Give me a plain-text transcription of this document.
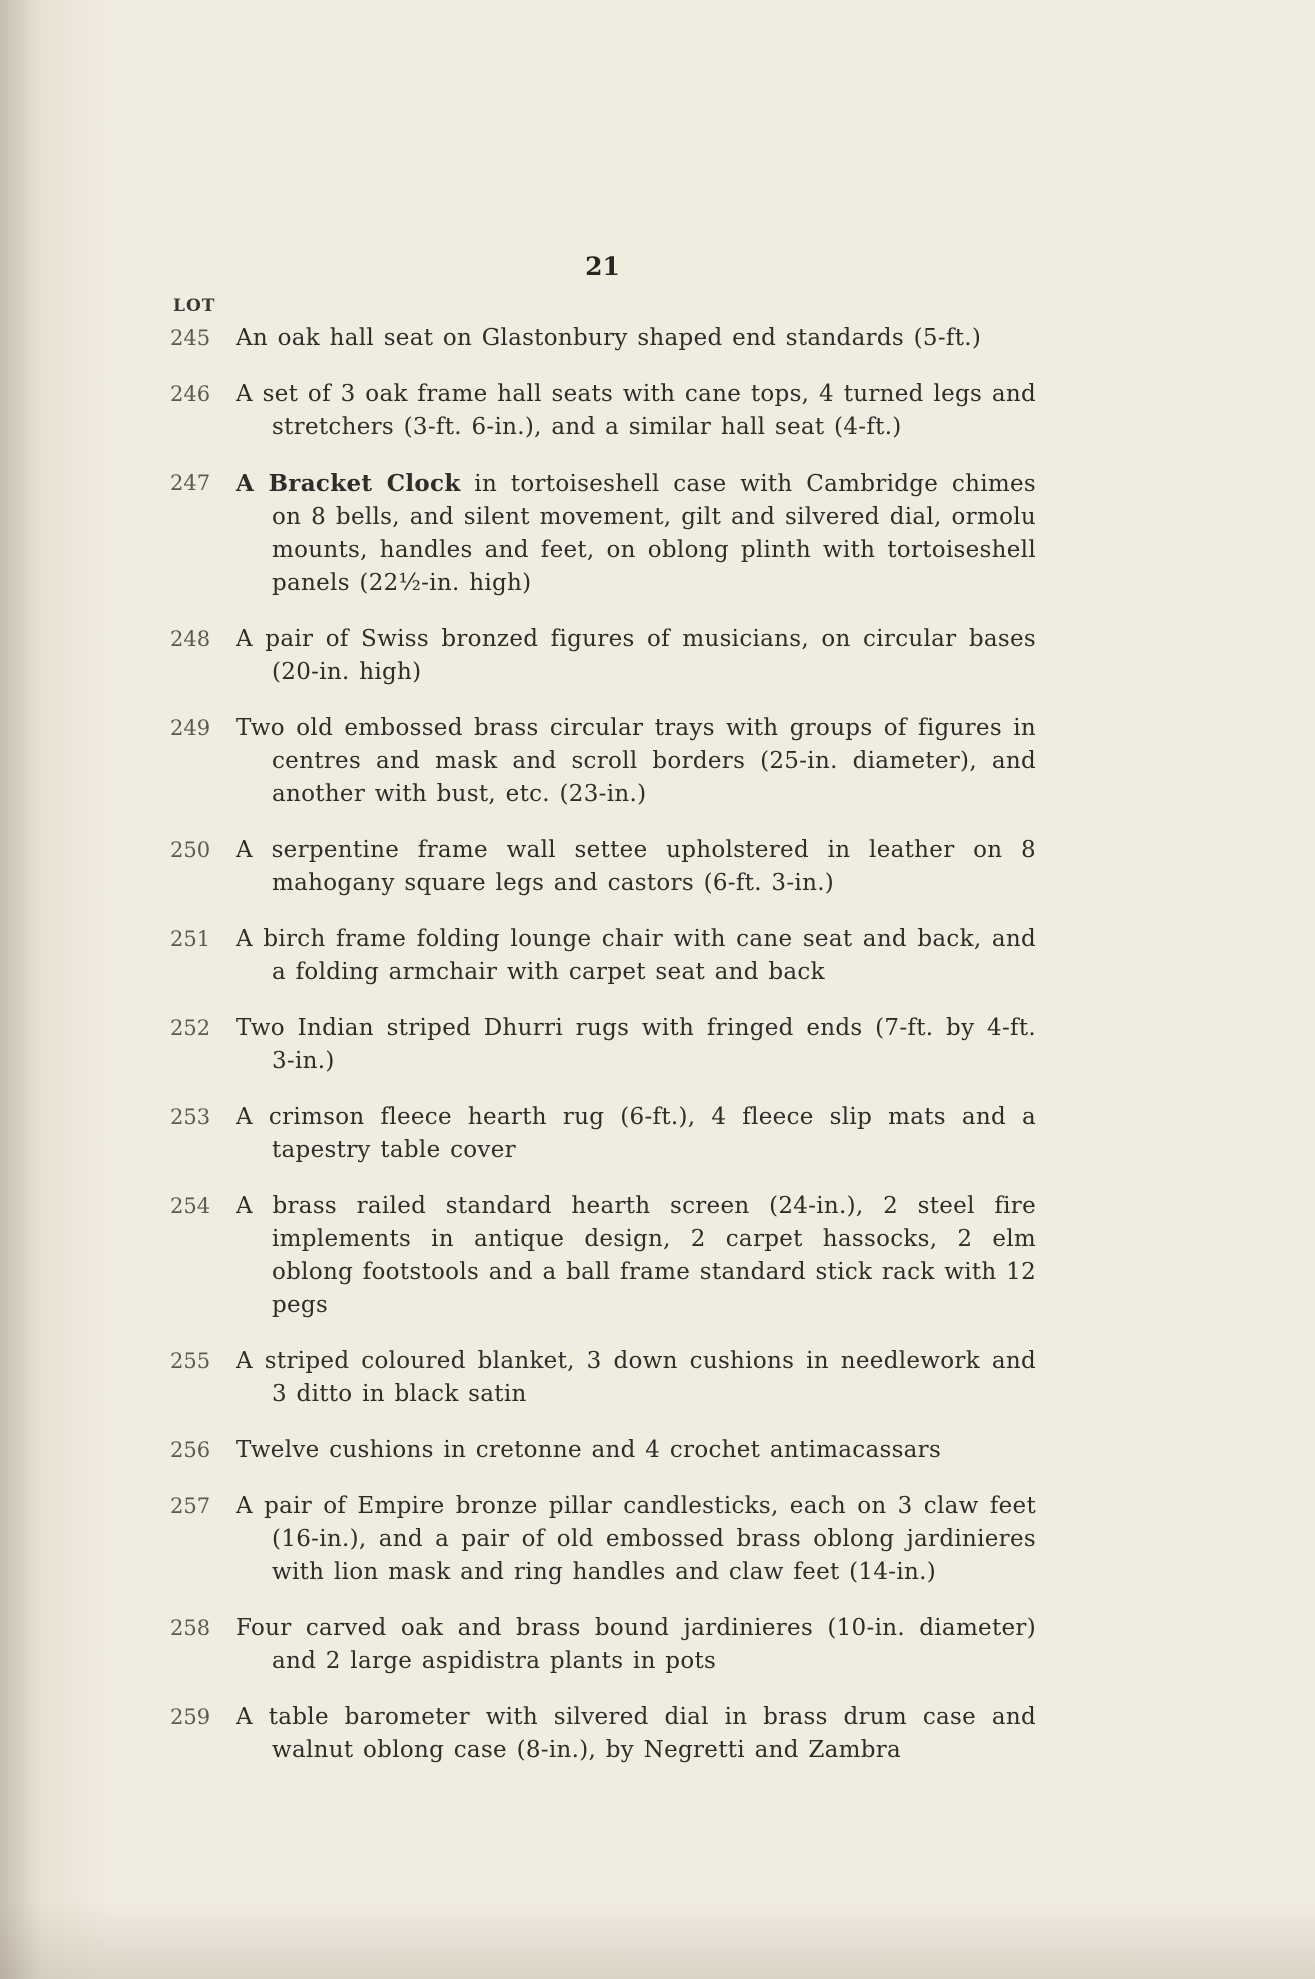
21
LOT
245	An oak hall seat on Glastonbury shaped end standards (5-ft.)
246	A set of 3 oak frame hall seats with cane tops, 4 turned legs and stretchers (3-ft. 6-in.), and a similar hall seat (4-ft.)
247	A Bracket Clock in tortoiseshell case with Cambridge chimes on 8 bells, and silent movement, gilt and silvered dial, ormolu mounts, handles and feet, on oblong plinth with tortoiseshell panels (22½-in. high)
248	A pair of Swiss bronzed figures of musicians, on circular bases (20-in. high)
249	Two old embossed brass circular trays with groups of figures in centres and mask and scroll borders (25-in. diameter), and another with bust, etc. (23-in.)
250	A serpentine frame wall settee upholstered in leather on 8 mahogany square legs and castors (6-ft. 3-in.)
251	A birch frame folding lounge chair with cane seat and back, and a folding armchair with carpet seat and back
252	Two Indian striped Dhurri rugs with fringed ends (7-ft. by 4-ft. 3-in.)
253	A crimson fleece hearth rug (6-ft.), 4 fleece slip mats and a tapestry table cover
254	A brass railed standard hearth screen (24-in.), 2 steel fire implements in antique design, 2 carpet hassocks, 2 elm oblong footstools and a ball frame standard stick rack with 12 pegs
255	A striped coloured blanket, 3 down cushions in needlework and 3 ditto in black satin
256	Twelve cushions in cretonne and 4 crochet antimacassars
257	A pair of Empire bronze pillar candlesticks, each on 3 claw feet (16-in.), and a pair of old embossed brass oblong jardinieres with lion mask and ring handles and claw feet (14-in.)
258	Four carved oak and brass bound jardinieres (10-in. diameter) and 2 large aspidistra plants in pots
259	A table barometer with silvered dial in brass drum case and walnut oblong case (8-in.), by Negretti and Zambra
